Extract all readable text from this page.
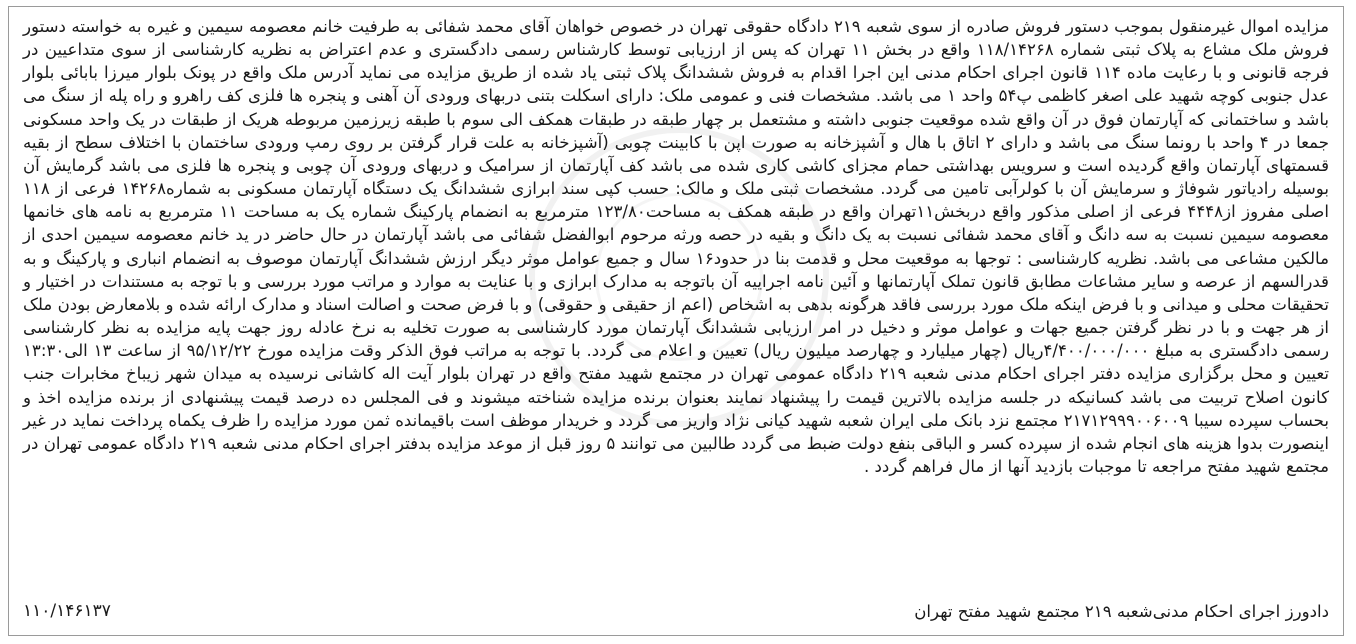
مزایده اموال غیرمنقول بموجب دستور فروش صادره از سوی شعبه ۲۱۹ دادگاه حقوقی تهران در خصوص خواهان آقای محمد شفائی به طرفیت خانم معصومه سیمین و غیره به خواسته دستور فروش ملک مشاع به پلاک ثبتی شماره ۱۱۸/۱۴۲۶۸ واقع در بخش ۱۱ تهران که پس از ارزیابی توسط کارشناس رسمی دادگستری و عدم اعتراض به نظریه کارشناسی از سوی متداعیین در فرجه قانونی و با رعایت ماده ۱۱۴ قانون اجرای احکام مدنی این اجرا اقدام به فروش ششدانگ پلاک ثبتی یاد شده از طریق مزایده می نماید آدرس ملک واقع در پونک بلوار میرزا بابائی بلوار عدل جنوبی کوچه شهید علی اصغر کاظمی پ۵۴ واحد ۱ می باشد. مشخصات فنی و عمومی ملک: دارای اسکلت بتنی دربهای ورودی آن آهنی و پنجره ها فلزی کف راهرو و راه پله از سنگ می باشد و ساختمانی که آپارتمان فوق در آن واقع شده موقعیت جنوبی داشته و مشتعمل بر چهار طبقه در طبقات همکف الی سوم با طبقه زیرزمین مربوطه هریک از طبقات در یک واحد مسکونی جمعا در ۴ واحد با رونما سنگ می باشد و دارای ۲ اتاق با هال و آشپزخانه به صورت اپن با کابینت چوبی (آشپزخانه به علت قرار گرفتن بر روی رمپ ورودی ساختمان با اختلاف سطح از بقیه قسمتهای آپارتمان واقع گردیده است و سرویس بهداشتی حمام مجزای کاشی کاری شده می باشد کف آپارتمان از سرامیک و دربهای ورودی آن چوبی و پنجره ها فلزی می باشد گرمایش آن بوسیله رادیاتور شوفاژ و سرمایش آن با کولرآبی تامین می گردد. مشخصات ثبتی ملک و مالک: حسب کپی سند ابرازی ششدانگ یک دستگاه آپارتمان مسکونی به شماره۱۴۲۶۸ فرعی از ۱۱۸ اصلی مفروز از۴۴۴۸ فرعی از اصلی مذکور واقع دربخش۱۱تهران واقع در طبقه همکف به مساحت۱۲۳/۸۰ مترمربع به انضمام پارکینگ شماره یک به مساحت ۱۱ مترمربع به نامه های خانمها معصومه سیمین نسبت به سه دانگ و آقای محمد شفائی نسبت به یک دانگ و بقیه در حصه ورثه مرحوم ابوالفضل شفائی می باشد آپارتمان در حال حاضر در ید خانم معصومه سیمین احدی از مالکین مشاعی می باشد. نظریه کارشناسی : توجها به موقعیت محل و قدمت بنا در حدود۱۶ سال و جمیع عوامل موثر دیگر ارزش ششدانگ آپارتمان موصوف به انضمام انباری و پارکینگ و به قدرالسهم از عرصه و سایر مشاعات مطابق قانون تملک آپارتمانها و آئین نامه اجراییه آن باتوجه به مدارک ابرازی و با عنایت به موارد و مراتب مورد بررسی و با توجه به مستندات در اختیار و تحقیقات محلی و میدانی و با فرض اینکه ملک مورد بررسی فاقد هرگونه بدهی به اشخاص (اعم از حقیقی و حقوقی) و با فرض صحت و اصالت اسناد و مدارک ارائه شده و بلامعارض بودن ملک از هر جهت و با در نظر گرفتن جمیع جهات و عوامل موثر و دخیل در امر ارزیابی ششدانگ آپارتمان مورد کارشناسی به صورت تخلیه به نرخ عادله روز جهت پایه مزایده به نظر کارشناسی رسمی دادگستری به مبلغ ۴/۴۰۰/۰۰۰/۰۰۰ریال (چهار میلیارد و چهارصد میلیون ریال) تعیین و اعلام می گردد. با توجه به مراتب فوق الذکر وقت مزایده مورخ ۹۵/۱۲/۲۲ از ساعت ۱۳ الی۱۳:۳۰ تعیین و محل برگزاری مزایده دفتر اجرای احکام مدنی شعبه ۲۱۹ دادگاه عمومی تهران در مجتمع شهید مفتح واقع در تهران بلوار آیت اله کاشانی نرسیده به میدان شهر زیباخ مخابرات جنب کانون اصلاح تربیت می باشد کسانیکه در جلسه مزایده بالاترین قیمت را پیشنهاد نمایند بعنوان برنده مزایده شناخته میشوند و فی المجلس ده درصد قیمت پیشنهادی از برنده مزایده اخذ و بحساب سپرده سیبا ۲۱۷۱۲۹۹۹۰۰۶۰۰۹ مجتمع نزد بانک ملی ایران شعبه شهید کیانی نژاد واریز می گردد و خریدار موظف است باقیمانده ثمن مورد مزایده را ظرف یکماه پرداخت نماید در غیر اینصورت بدوا هزینه های انجام شده از سپرده کسر و الباقی بنفع دولت ضبط می گردد طالبین می توانند ۵ روز قبل از موعد مزایده بدفتر اجرای احکام مدنی شعبه ۲۱۹ دادگاه عمومی تهران در مجتمع شهید مفتح مراجعه تا موجبات بازدید آنها از مال فراهم گردد .
دادورز اجرای احکام مدنی‌شعبه ۲۱۹ مجتمع شهید مفتح تهران
۱۱۰/۱۴۶۱۳۷
